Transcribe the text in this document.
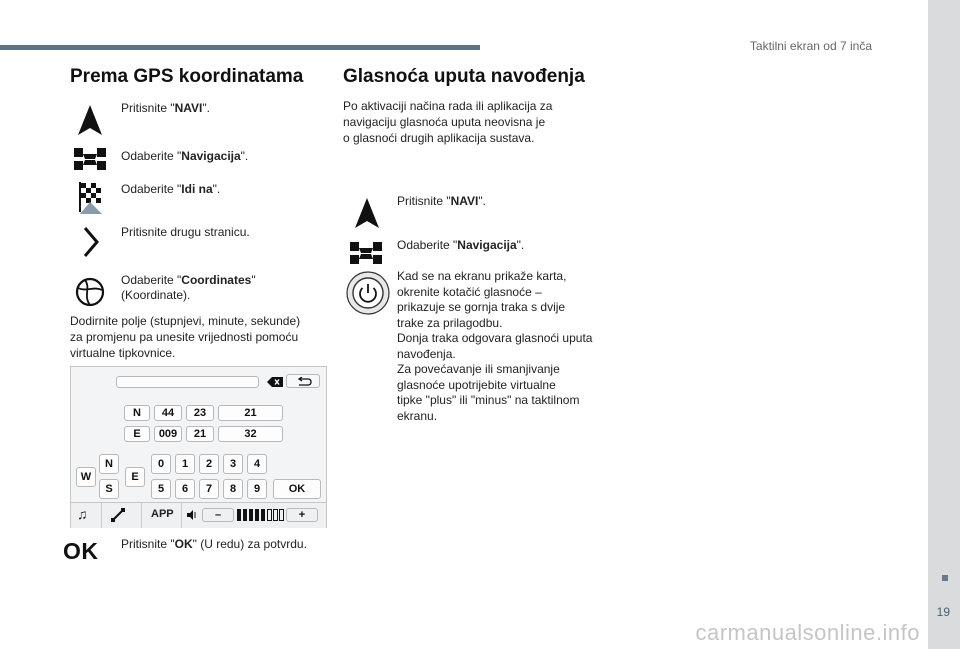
Taktilni ekran od 7 inča
19
carmanualsonline.info
Prema GPS koordinatama
Pritisnite "NAVI".
Odaberite "Navigacija".
Odaberite "Idi na".
Pritisnite drugu stranicu.
Odaberite "Coordinates"
(Koordinate).
Dodirnite polje (stupnjevi, minute, sekunde)
za promjenu pa unesite vrijednosti pomoću
virtualne tipkovnice.
N	44	23	21
E	009	21	32
N
W	E
S
0	1	2	3	4
5	6	7	8	9	OK
♫	APP	–	+
OK Pritisnite "OK" (U redu) za potvrdu.
Glasnoća uputa navođenja
Po aktivaciji načina rada ili aplikacija za
navigaciju glasnoća uputa neovisna je
o glasnoći drugih aplikacija sustava.
Pritisnite "NAVI".
Odaberite "Navigacija".
Kad se na ekranu prikaže karta,
okrenite kotačić glasnoće –
prikazuje se gornja traka s dvije
trake za prilagodbu.
Donja traka odgovara glasnoći uputa
navođenja.
Za povećavanje ili smanjivanje
glasnoće upotrijebite virtualne
tipke "plus" ili "minus" na taktilnom
ekranu.
